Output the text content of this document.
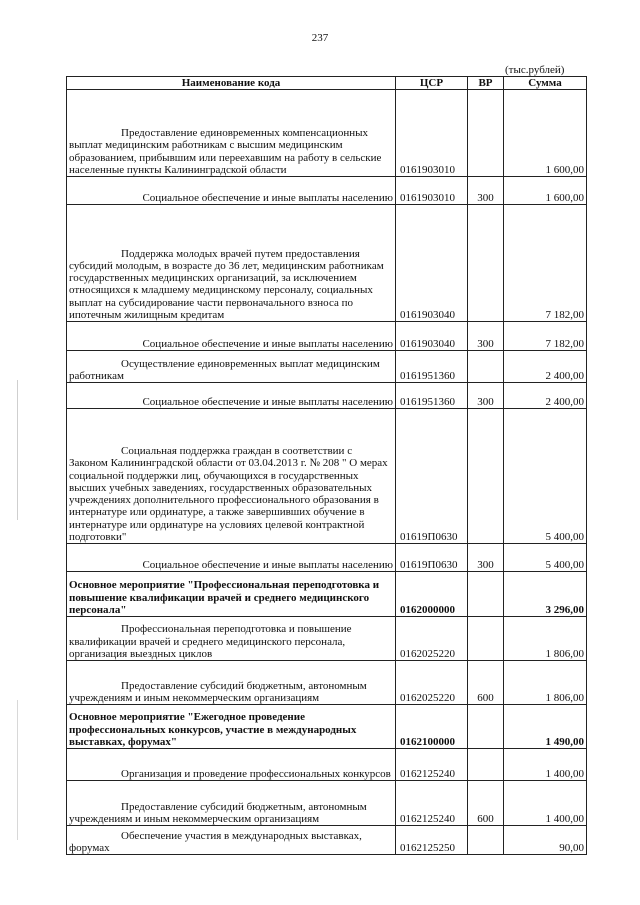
237
(тыс.рублей)
Наименование кода	ЦСР	ВР	Сумма
Предоставление единовременных компенсационных выплат медицинским работникам с высшим медицинским образованием, прибывшим или переехавшим на работу в сельские населенные пункты Калининградской области	0161903010		1 600,00
Социальное обеспечение и иные выплаты населению	0161903010	300	1 600,00
Поддержка молодых врачей путем предоставления субсидий молодым, в возрасте до 36 лет, медицинским работникам государственных медицинских организаций, за исключением относящихся к младшему медицинскому персоналу, социальных выплат на субсидирование части первоначального взноса по ипотечным жилищным кредитам	0161903040		7 182,00
Социальное обеспечение и иные выплаты населению	0161903040	300	7 182,00
Осуществление единовременных выплат медицинским работникам	0161951360		2 400,00
Социальное обеспечение и иные выплаты населению	0161951360	300	2 400,00
Социальная поддержка граждан в соответствии с Законом Калининградской области от 03.04.2013 г. № 208 " О мерах социальной поддержки лиц, обучающихся в государственных высших учебных заведениях, государственных образовательных учреждениях дополнительного профессионального образования в интернатуре или ординатуре, а также завершивших обучение в интернатуре или ординатуре на условиях целевой контрактной подготовки"	01619П0630		5 400,00
Социальное обеспечение и иные выплаты населению	01619П0630	300	5 400,00
Основное мероприятие "Профессиональная переподготовка и повышение квалификации врачей и среднего медицинского персонала"	0162000000		3 296,00
Профессиональная переподготовка и повышение квалификации врачей и среднего медицинского персонала, организация выездных циклов	0162025220		1 806,00
Предоставление субсидий бюджетным, автономным учреждениям и иным некоммерческим организациям	0162025220	600	1 806,00
Основное мероприятие "Ежегодное проведение профессиональных конкурсов, участие в международных выставках, форумах"	0162100000		1 490,00
Организация и проведение профессиональных конкурсов	0162125240		1 400,00
Предоставление субсидий бюджетным, автономным учреждениям и иным некоммерческим организациям	0162125240	600	1 400,00
Обеспечение участия в международных выставках, форумах	0162125250		90,00
